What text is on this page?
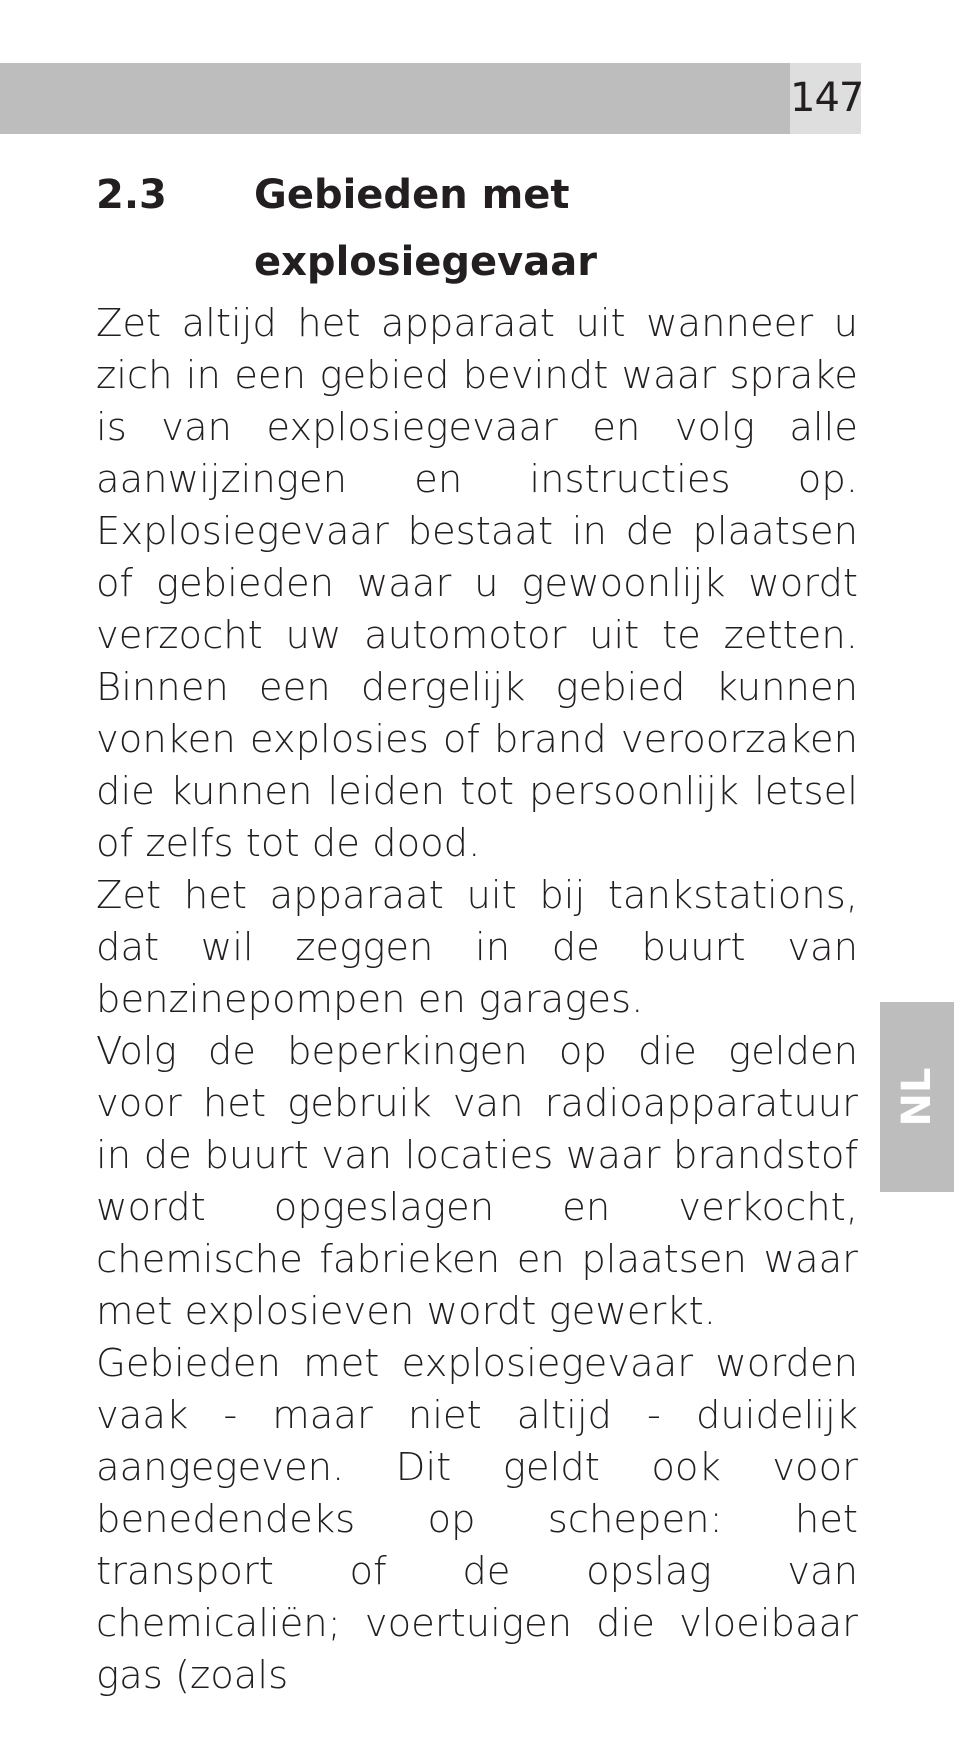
147
2.3 Gebieden met explosiegevaar

Zet altijd het apparaat uit wanneer u zich in een gebied bevindt waar sprake is van explosiegevaar en volg alle aanwijzingen en instructies op. Explosiegevaar bestaat in de plaatsen of gebieden waar u gewoonlijk wordt verzocht uw automotor uit te zetten. Binnen een dergelijk gebied kunnen vonken explosies of brand veroorzaken die kunnen leiden tot persoonlijk letsel of zelfs tot de dood.

Zet het apparaat uit bij tankstations, dat wil zeggen in de buurt van benzinepompen en garages.

Volg de beperkingen op die gelden voor het gebruik van radioapparatuur in de buurt van locaties waar brandstof wordt opgeslagen en verkocht, chemische fabrieken en plaatsen waar met explosieven wordt gewerkt.

Gebieden met explosiegevaar worden vaak - maar niet altijd - duidelijk aangegeven. Dit geldt ook voor benedendeks op schepen: het transport of de opslag van chemicaliën; voertuigen die vloeibaar gas (zoals

NL
